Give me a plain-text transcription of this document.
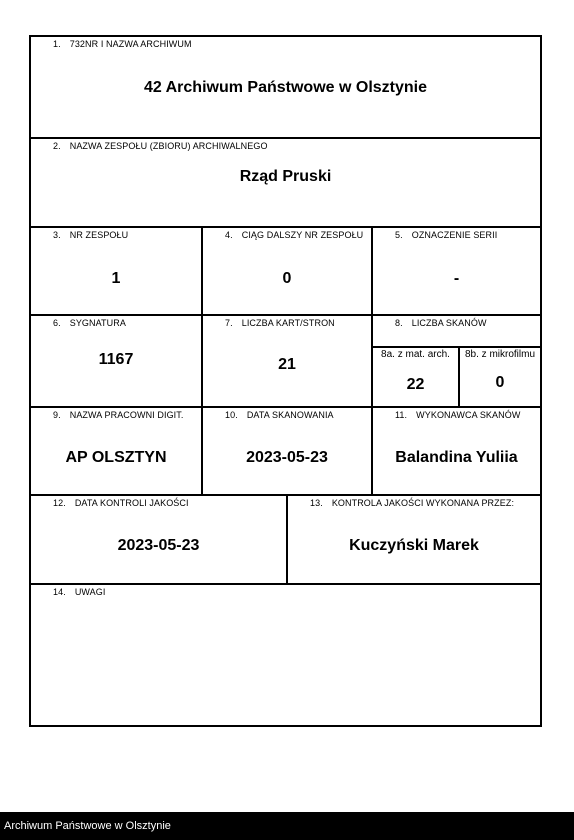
1. 732NR I NAZWA ARCHIWUM
42 Archiwum Państwowe w Olsztynie
2. NAZWA ZESPOŁU (ZBIORU) ARCHIWALNEGO
Rząd Pruski
3. NR ZESPOŁU
1
4. CIĄG DALSZY NR ZESPOŁU
0
5. OZNACZENIE SERII
-
6. SYGNATURA
1167
7. LICZBA KART/STRON
21
8. LICZBA SKANÓW
8a. z mat. arch.
22
8b. z mikrofilmu
0
9. NAZWA PRACOWNI DIGIT.
AP OLSZTYN
10. DATA SKANOWANIA
2023-05-23
11. WYKONAWCA SKANÓW
Balandina Yuliia
12. DATA KONTROLI JAKOŚCI
2023-05-23
13. KONTROLA JAKOŚCI WYKONANA PRZEZ:
Kuczyński Marek
14. UWAGI
Archiwum Państwowe w Olsztynie
